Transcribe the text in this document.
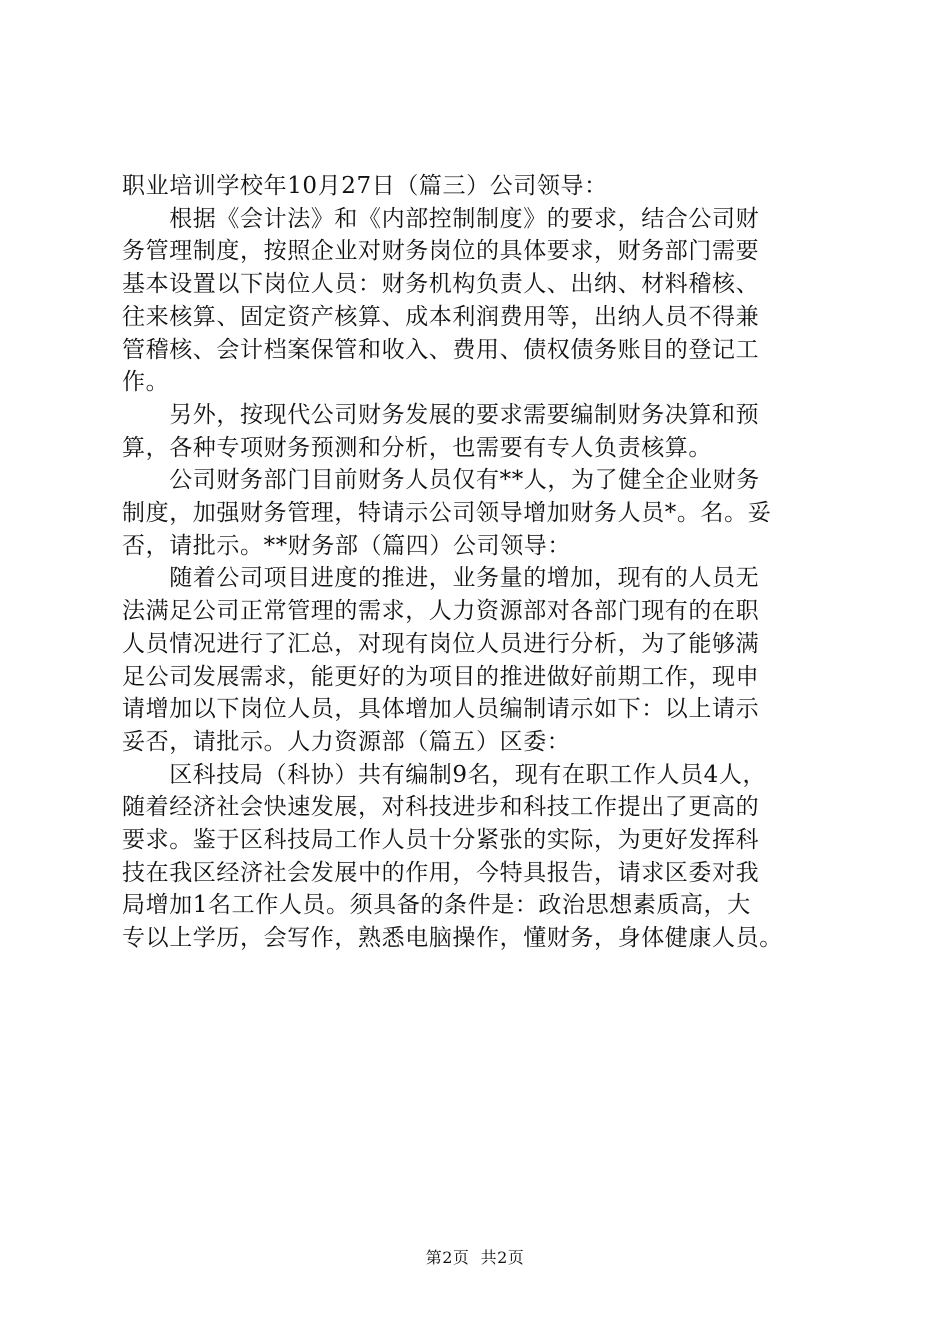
职业培训学校年10月27日（篇三）公司领导：
　　根据《会计法》和《内部控制制度》的要求，结合公司财
务管理制度，按照企业对财务岗位的具体要求，财务部门需要
基本设置以下岗位人员：财务机构负责人、出纳、材料稽核、
往来核算、固定资产核算、成本利润费用等，出纳人员不得兼
管稽核、会计档案保管和收入、费用、债权债务账目的登记工
作。
　　另外，按现代公司财务发展的要求需要编制财务决算和预
算，各种专项财务预测和分析，也需要有专人负责核算。
　　公司财务部门目前财务人员仅有**人，为了健全企业财务
制度，加强财务管理，特请示公司领导增加财务人员*。名。妥
否，请批示。**财务部（篇四）公司领导：
　　随着公司项目进度的推进，业务量的增加，现有的人员无
法满足公司正常管理的需求，人力资源部对各部门现有的在职
人员情况进行了汇总，对现有岗位人员进行分析，为了能够满
足公司发展需求，能更好的为项目的推进做好前期工作，现申
请增加以下岗位人员，具体增加人员编制请示如下：以上请示
妥否，请批示。人力资源部（篇五）区委：
　　区科技局（科协）共有编制9名，现有在职工作人员4人，
随着经济社会快速发展，对科技进步和科技工作提出了更高的
要求。鉴于区科技局工作人员十分紧张的实际，为更好发挥科
技在我区经济社会发展中的作用，今特具报告，请求区委对我
局增加1名工作人员。须具备的条件是：政治思想素质高，大
专以上学历，会写作，熟悉电脑操作，懂财务，身体健康人员。
第2页  共2页
